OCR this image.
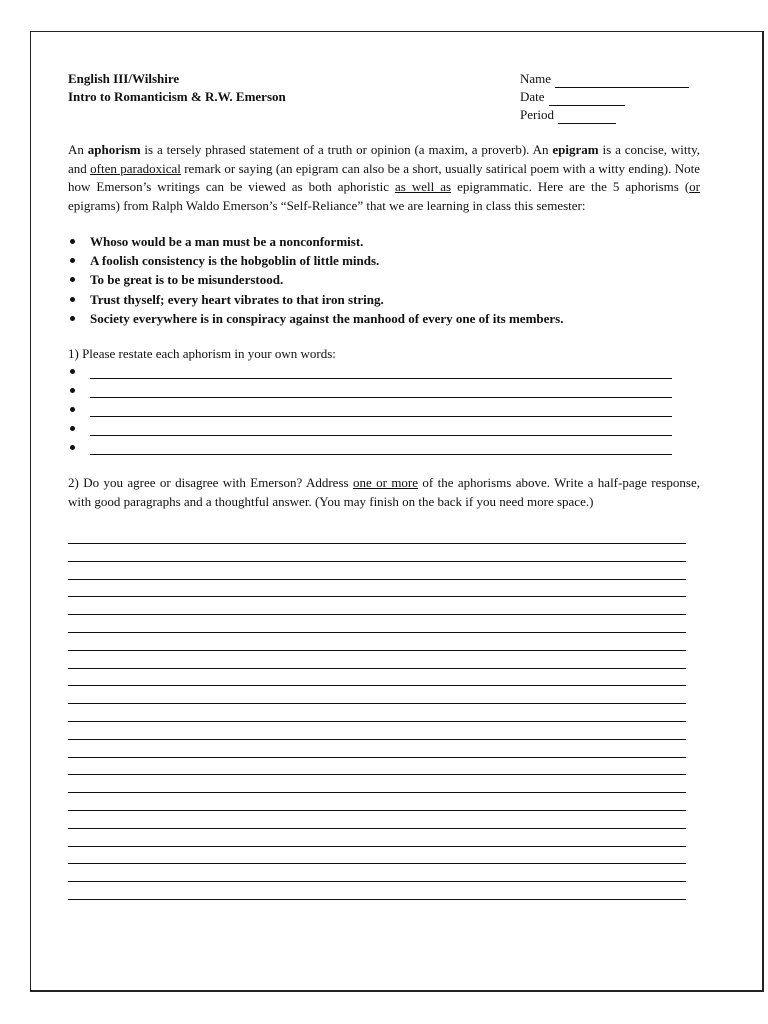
English III/Wilshire
Intro to Romanticism & R.W. Emerson
Name
Date
Period

An aphorism is a tersely phrased statement of a truth or opinion (a maxim, a proverb). An epigram is a concise, witty, and often paradoxical remark or saying (an epigram can also be a short, usually satirical poem with a witty ending). Note how Emerson’s writings can be viewed as both aphoristic as well as epigrammatic. Here are the 5 aphorisms (or epigrams) from Ralph Waldo Emerson’s “Self-Reliance” that we are learning in class this semester:

Whoso would be a man must be a nonconformist.
A foolish consistency is the hobgoblin of little minds.
To be great is to be misunderstood.
Trust thyself; every heart vibrates to that iron string.
Society everywhere is in conspiracy against the manhood of every one of its members.
1) Please restate each aphorism in your own words:

2) Do you agree or disagree with Emerson? Address one or more of the aphorisms above. Write a half-page response, with good paragraphs and a thoughtful answer. (You may finish on the back if you need more space.)
